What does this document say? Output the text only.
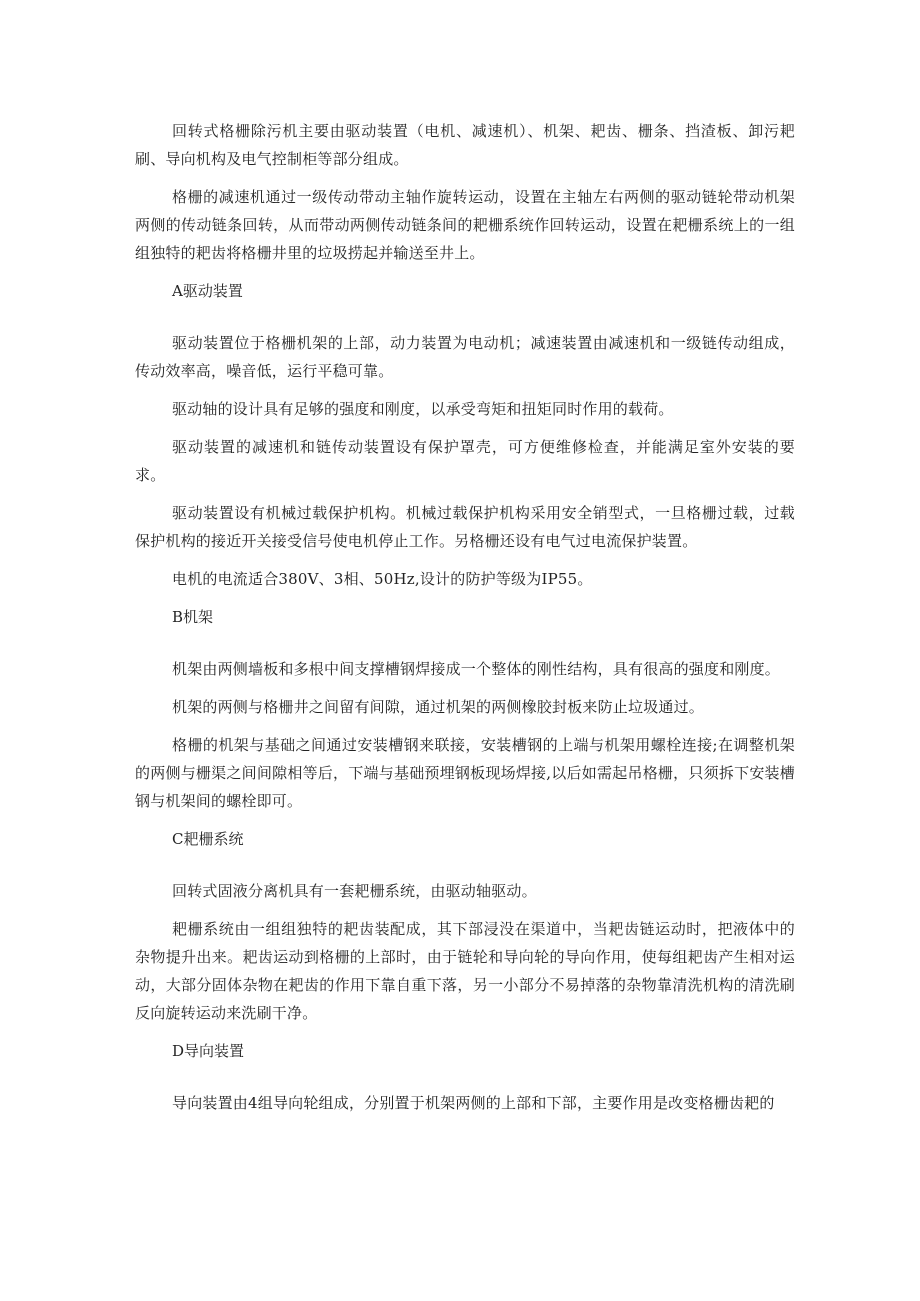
回转式格栅除污机主要由驱动装置（电机、减速机）、机架、耙齿、栅条、挡渣板、卸污耙刷、导向机构及电气控制柜等部分组成。

格栅的减速机通过一级传动带动主轴作旋转运动，设置在主轴左右两侧的驱动链轮带动机架两侧的传动链条回转，从而带动两侧传动链条间的耙栅系统作回转运动，设置在耙栅系统上的一组组独特的耙齿将格栅井里的垃圾捞起并输送至井上。

A驱动装置

驱动装置位于格栅机架的上部，动力装置为电动机；减速装置由减速机和一级链传动组成，传动效率高，噪音低，运行平稳可靠。

驱动轴的设计具有足够的强度和刚度，以承受弯矩和扭矩同时作用的载荷。

驱动装置的减速机和链传动装置设有保护罩壳，可方便维修检查，并能满足室外安装的要求。

驱动装置设有机械过载保护机构。机械过载保护机构采用安全销型式，一旦格栅过载，过载保护机构的接近开关接受信号使电机停止工作。另格栅还设有电气过电流保护装置。

电机的电流适合380V、3相、50Hz,设计的防护等级为IP55。

B机架

机架由两侧墙板和多根中间支撑槽钢焊接成一个整体的刚性结构，具有很高的强度和刚度。

机架的两侧与格栅井之间留有间隙，通过机架的两侧橡胶封板来防止垃圾通过。

格栅的机架与基础之间通过安装槽钢来联接，安装槽钢的上端与机架用螺栓连接;在调整机架的两侧与栅渠之间间隙相等后，下端与基础预埋钢板现场焊接,以后如需起吊格栅，只须拆下安装槽钢与机架间的螺栓即可。

C耙栅系统

回转式固液分离机具有一套耙栅系统，由驱动轴驱动。

耙栅系统由一组组独特的耙齿装配成，其下部浸没在渠道中，当耙齿链运动时，把液体中的杂物提升出来。耙齿运动到格栅的上部时，由于链轮和导向轮的导向作用，使每组耙齿产生相对运动，大部分固体杂物在耙齿的作用下靠自重下落，另一小部分不易掉落的杂物靠清洗机构的清洗刷反向旋转运动来洗刷干净。

D导向装置

导向装置由4组导向轮组成，分别置于机架两侧的上部和下部，主要作用是改变格栅齿耙的
